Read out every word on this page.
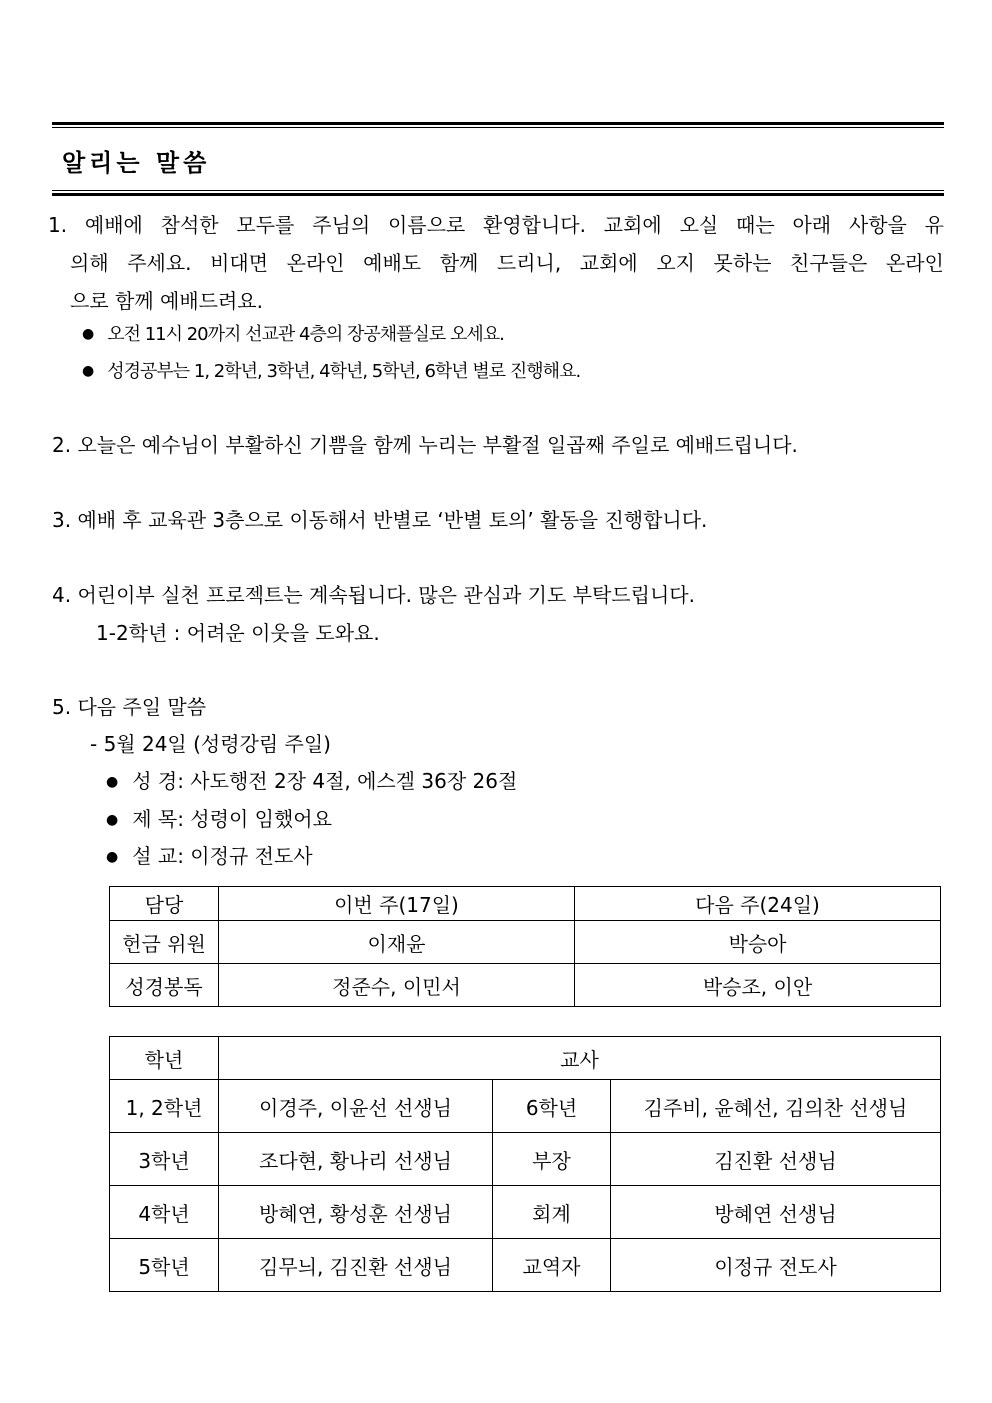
알리는 말씀
1. 예배에 참석한 모두를 주님의 이름으로 환영합니다. 교회에 오실 때는 아래 사항을 유
의해 주세요. 비대면 온라인 예배도 함께 드리니, 교회에 오지 못하는 친구들은 온라인
으로 함께 예배드려요.
● 오전 11시 20까지 선교관 4층의 장공채플실로 오세요.
● 성경공부는 1, 2학년, 3학년, 4학년, 5학년, 6학년 별로 진행해요.
2. 오늘은 예수님이 부활하신 기쁨을 함께 누리는 부활절 일곱째 주일로 예배드립니다.
3. 예배 후 교육관 3층으로 이동해서 반별로 ‘반별 토의’ 활동을 진행합니다.
4. 어린이부 실천 프로젝트는 계속됩니다. 많은 관심과 기도 부탁드립니다.
1-2학년 : 어려운 이웃을 도와요.
5. 다음 주일 말씀
- 5월 24일 (성령강림 주일)
● 성 경: 사도행전 2장 4절, 에스겔 36장 26절
● 제 목: 성령이 임했어요
● 설 교: 이정규 전도사
담당	이번 주(17일)	다음 주(24일)
헌금 위원	이재윤	박승아
성경봉독	정준수, 이민서	박승조, 이안
학년	교사		
1, 2학년	이경주, 이윤선 선생님	6학년	김주비, 윤혜선, 김의찬 선생님
3학년	조다현, 황나리 선생님	부장	김진환 선생님
4학년	방혜연, 황성훈 선생님	회계	방혜연 선생님
5학년	김무늬, 김진환 선생님	교역자	이정규 전도사
